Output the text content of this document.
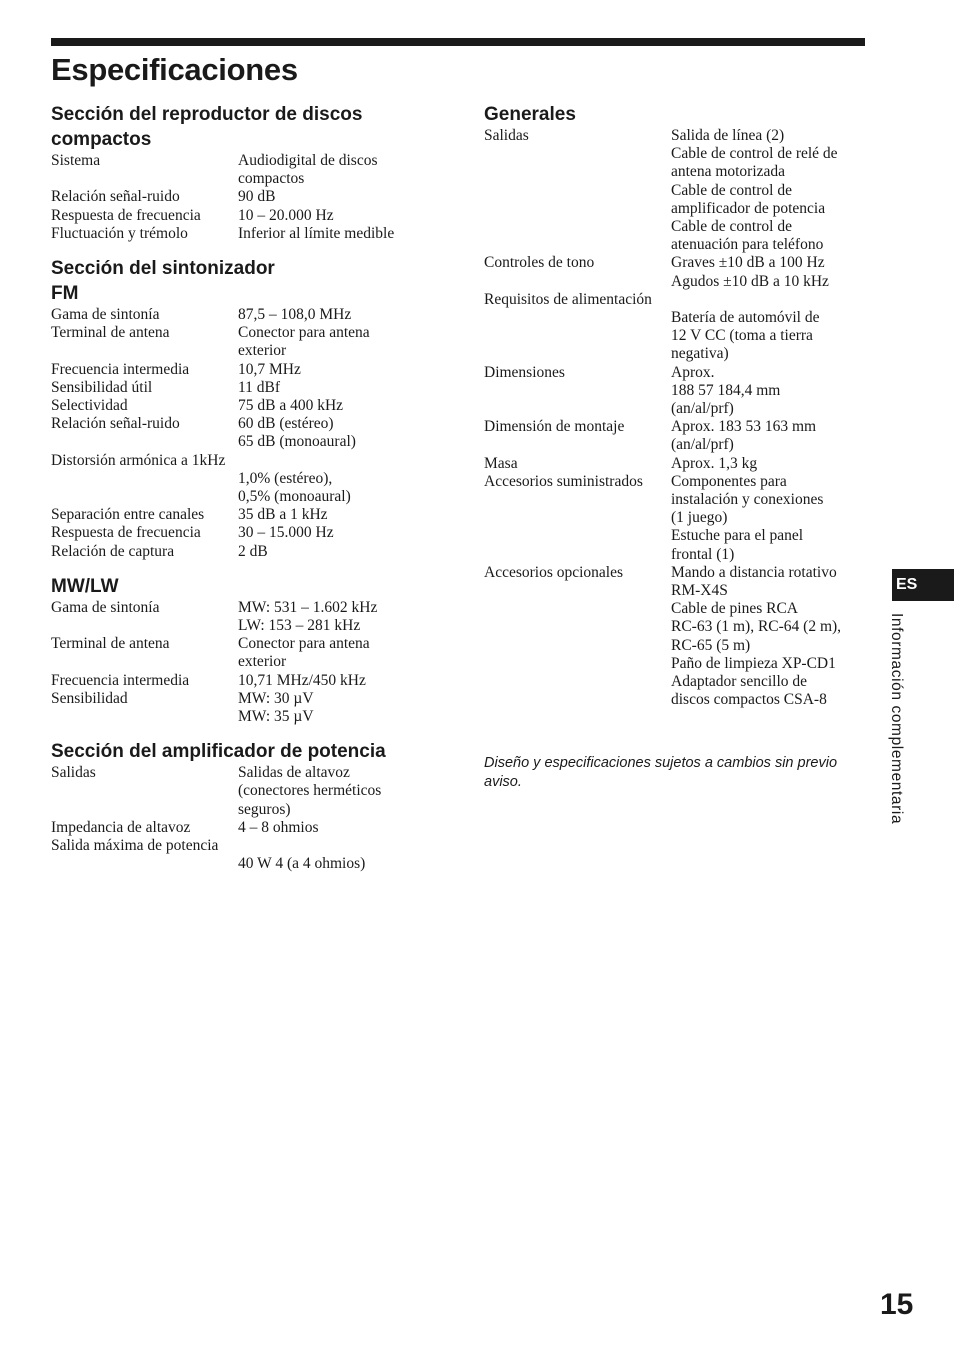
Especificaciones
Sección del reproductor de discos compactos
Sistema	Audiodigital de discos
compactos
Relación señal-ruido	90 dB
Respuesta de frecuencia	10 – 20.000 Hz
Fluctuación y trémolo	Inferior al límite medible
Sección del sintonizador
FM
Gama de sintonía	87,5 – 108,0 MHz
Terminal de antena	Conector para antena
exterior
Frecuencia intermedia	10,7 MHz
Sensibilidad útil	11 dBf
Selectividad	75 dB a 400 kHz
Relación señal-ruido	60 dB (estéreo)
65 dB (monoaural)
Distorsión armónica a 1kHz
1,0% (estéreo),
0,5% (monoaural)
Separación entre canales	35 dB a 1 kHz
Respuesta de frecuencia	30 – 15.000 Hz
Relación de captura	2 dB
MW/LW
Gama de sintonía	MW: 531 – 1.602 kHz
LW: 153 – 281 kHz
Terminal de antena	Conector para antena
exterior
Frecuencia intermedia	10,71 MHz/450 kHz
Sensibilidad	MW: 30 µV
MW: 35 µV
Sección del amplificador de potencia
Salidas	Salidas de altavoz
(conectores herméticos
seguros)
Impedancia de altavoz	4 – 8 ohmios
Salida máxima de potencia
40 W 4 (a 4 ohmios)
Generales
Salidas	Salida de línea (2)
Cable de control de relé de
antena motorizada
Cable de control de
amplificador de potencia
Cable de control de
atenuación para teléfono
Controles de tono	Graves ±10 dB a 100 Hz
Agudos ±10 dB a 10 kHz
Requisitos de alimentación
Batería de automóvil de
12 V CC (toma a tierra
negativa)
Dimensiones	Aprox.
188 57 184,4 mm
(an/al/prf)
Dimensión de montaje	Aprox. 183 53 163 mm
(an/al/prf)
Masa	Aprox. 1,3 kg
Accesorios suministrados	Componentes para
instalación y conexiones
(1 juego)
Estuche para el panel
frontal (1)
Accesorios opcionales	Mando a distancia rotativo
RM-X4S
Cable de pines RCA
RC-63 (1 m), RC-64 (2 m),
RC-65 (5 m)
Paño de limpieza XP-CD1
Adaptador sencillo de
discos compactos CSA-8
Diseño y especificaciones sujetos a cambios sin previo aviso.
ES
Información complementaria
15
